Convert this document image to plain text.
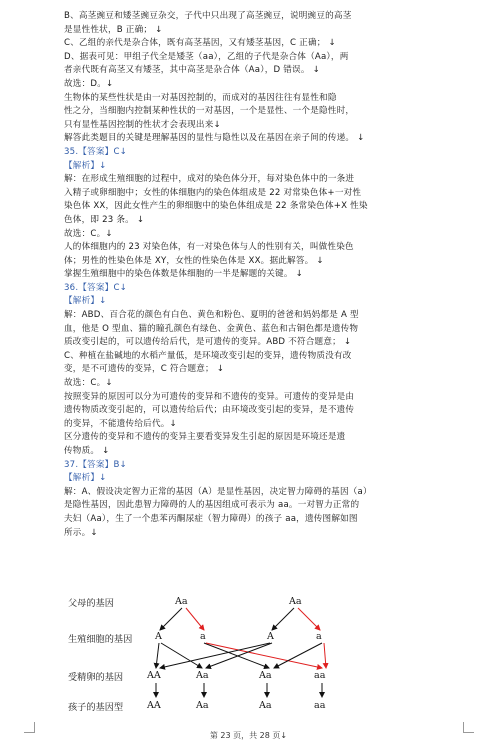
B、高茎豌豆和矮茎豌豆杂交，子代中只出现了高茎豌豆，说明豌豆的高茎
是显性性状，B 正确； ↓
C、乙组的亲代是杂合体，既有高茎基因，又有矮茎基因，C 正确； ↓
D、据表可见：甲组子代全是矮茎（aa），乙组的子代是杂合体（Aa），两
者亲代既有高茎又有矮茎，其中高茎是杂合体（Aa），D 错误。 ↓
故选：D。↓
生物体的某些性状是由一对基因控制的，而成对的基因往往有显性和隐
性之分，当细胞内控制某种性状的一对基因，一个是显性、一个是隐性时，
只有显性基因控制的性状才会表现出来↓
解答此类题目的关键是理解基因的显性与隐性以及在基因在亲子间的传递。 ↓
35.【答案】C↓
【解析】↓
解：在形成生殖细胞的过程中，成对的染色体分开，每对染色体中的一条进
入精子或卵细胞中；女性的体细胞内的染色体组成是 22 对常染色体+一对性
染色体 XX，因此女性产生的卵细胞中的染色体组成是 22 条常染色体+X 性染
色体，即 23 条。 ↓
故选：C。↓
人的体细胞内的 23 对染色体，有一对染色体与人的性别有关，叫做性染色
体；男性的性染色体是 XY，女性的性染色体是 XX。据此解答。 ↓
掌握生殖细胞中的染色体数是体细胞的一半是解题的关键。 ↓
36.【答案】C↓
【解析】↓
解：ABD、百合花的颜色有白色、黄色和粉色、夏明的爸爸和妈妈都是 A 型
血，他是 O 型血、猫的瞳孔颜色有绿色、金黄色、蓝色和古铜色都是遗传物
质改变引起的，可以遗传给后代，是可遗传的变异。ABD 不符合题意； ↓
C、种植在盐碱地的水稻产量低，是环境改变引起的变异，遗传物质没有改
变，是不可遗传的变异，C 符合题意； ↓
故选：C。↓
按照变异的原因可以分为可遗传的变异和不遗传的变异。可遗传的变异是由
遗传物质改变引起的，可以遗传给后代；由环境改变引起的变异，是不遗传
的变异，不能遗传给后代。↓
区分遗传的变异和不遗传的变异主要看变异发生引起的原因是环境还是遗
传物质。 ↓
37.【答案】B↓
【解析】↓
解：A、假设决定智力正常的基因（A）是显性基因，决定智力障碍的基因（a）
是隐性基因，因此患智力障碍的人的基因组成可表示为 aa。一对智力正常的
夫妇（Aa），生了一个患苯丙酮尿症（智力障碍）的孩子 aa，遗传图解如图
所示。↓
父母的基因
生殖细胞的基因
受精卵的基因
孩子的基因型
Aa	Aa
A	a	A	a
AA	Aa	Aa	aa
AA	Aa	Aa	aa
第 23 页，共 28 页↓
